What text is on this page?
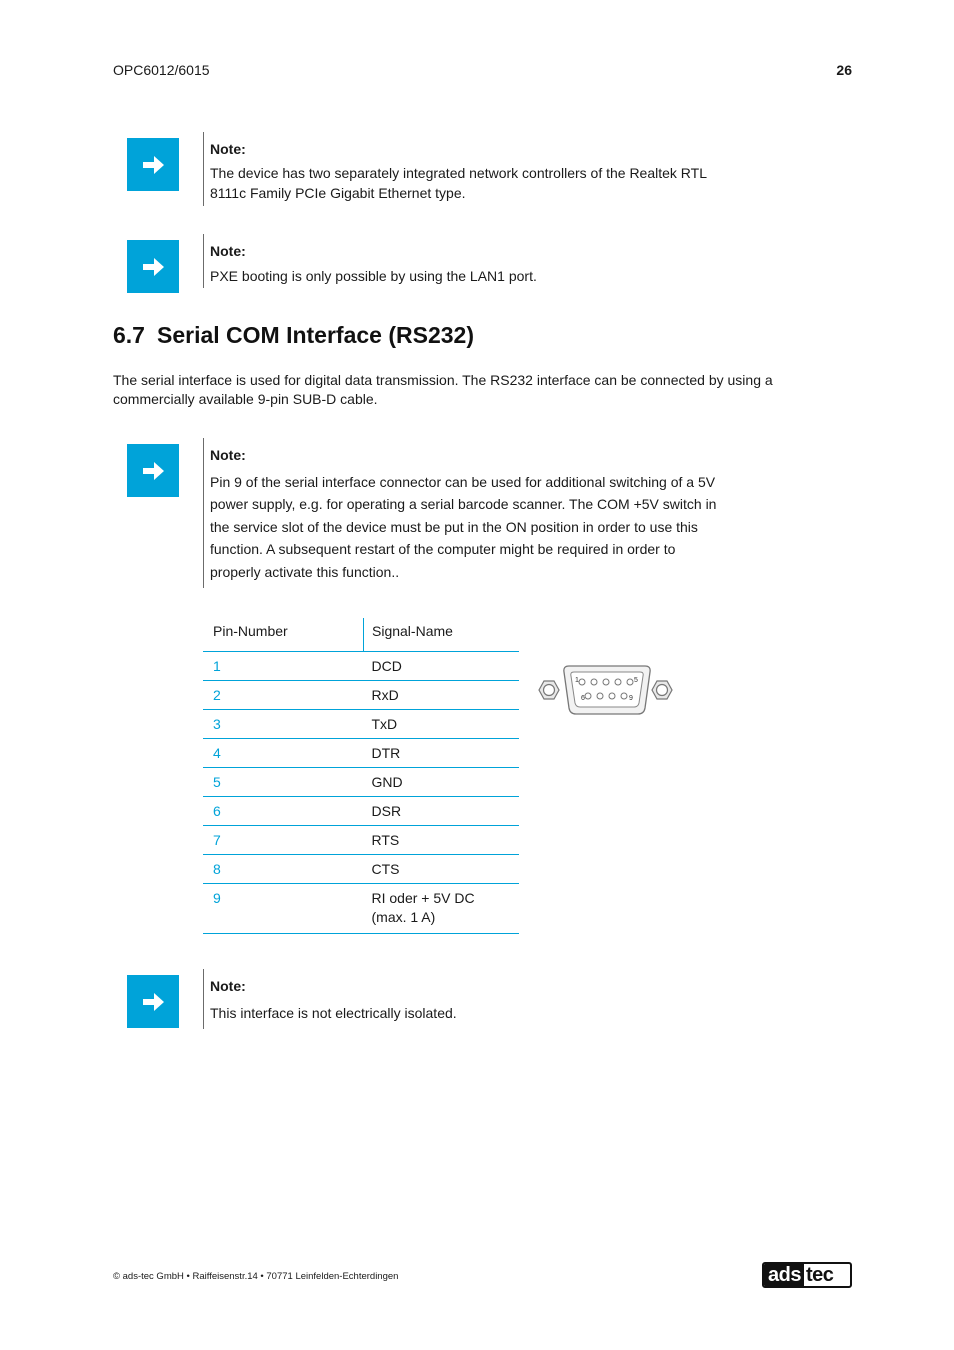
OPC6012/6015	26
Note:
The device has two separately integrated network controllers of the Realtek RTL
8111c Family PCIe Gigabit Ethernet type.
Note:
PXE booting is only possible by using the LAN1 port.
6.7 Serial COM Interface (RS232)
The serial interface is used for digital data transmission. The RS232 interface can be connected by using a commercially available 9-pin SUB-D cable.
Note:
Pin 9 of the serial interface connector can be used for additional switching of a 5V
power supply, e.g. for operating a serial barcode scanner. The COM +5V switch in
the service slot of the device must be put in the ON position in order to use this
function. A subsequent restart of the computer might be required in order to
properly activate this function..
Pin-Number	Signal-Name
1	DCD
2	RxD
3	TxD
4	DTR
5	GND
6	DSR
7	RTS
8	CTS
9	RI oder + 5V DC
(max. 1 A)
1	5
6	9
Note:
This interface is not electrically isolated.
© ads-tec GmbH • Raiffeisenstr.14 • 70771 Leinfelden-Echterdingen	ads tec
